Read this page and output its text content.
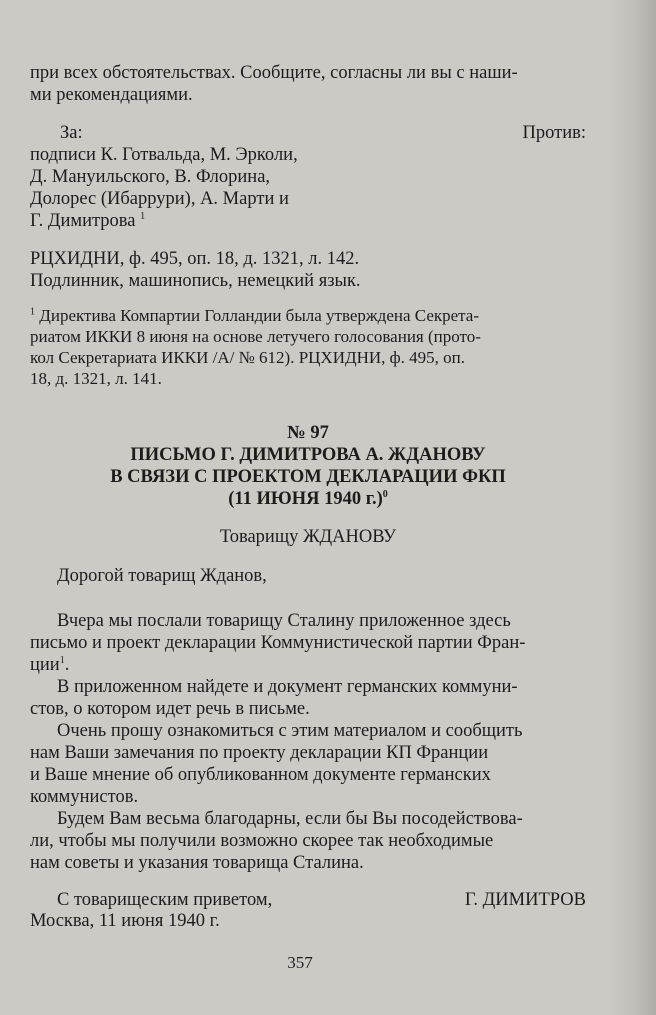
при всех обстоятельствах. Сообщите, согласны ли вы с наши-
ми рекомендациями.
За:	Против:
подписи К. Готвальда, М. Эрколи,
Д. Мануильского, В. Флорина,
Долорес (Ибаррури), А. Марти и
Г. Димитрова $^1$
РЦХИДНИ, ф. 495, оп. 18, д. 1321, л. 142.
Подлинник, машинопись, немецкий язык.
$^1$ Директива Компартии Голландии была утверждена Секрета-
риатом ИККИ 8 июня на основе летучего голосования (прото-
кол Секретариата ИККИ /А/ № 612). РЦХИДНИ, ф. 495, оп.
18, д. 1321, л. 141.
№ 97
ПИСЬМО Г. ДИМИТРОВА А. ЖДАНОВУ
В СВЯЗИ С ПРОЕКТОМ ДЕКЛАРАЦИИ ФКП
(11 ИЮНЯ 1940 г.)$^0$
Товарищу ЖДАНОВУ
Дорогой товарищ Жданов,
Вчера мы послали товарищу Сталину приложенное здесь
письмо и проект декларации Коммунистической партии Фран-
ции$^1$.
В приложенном найдете и документ германских коммуни-
стов, о котором идет речь в письме.
Очень прошу ознакомиться с этим материалом и сообщить
нам Ваши замечания по проекту декларации КП Франции
и Ваше мнение об опубликованном документе германских
коммунистов.
Будем Вам весьма благодарны, если бы Вы посодействова-
ли, чтобы мы получили возможно скорее так необходимые
нам советы и указания товарища Сталина.
С товарищеским приветом,	Г. ДИМИТРОВ
Москва, 11 июня 1940 г.
357
